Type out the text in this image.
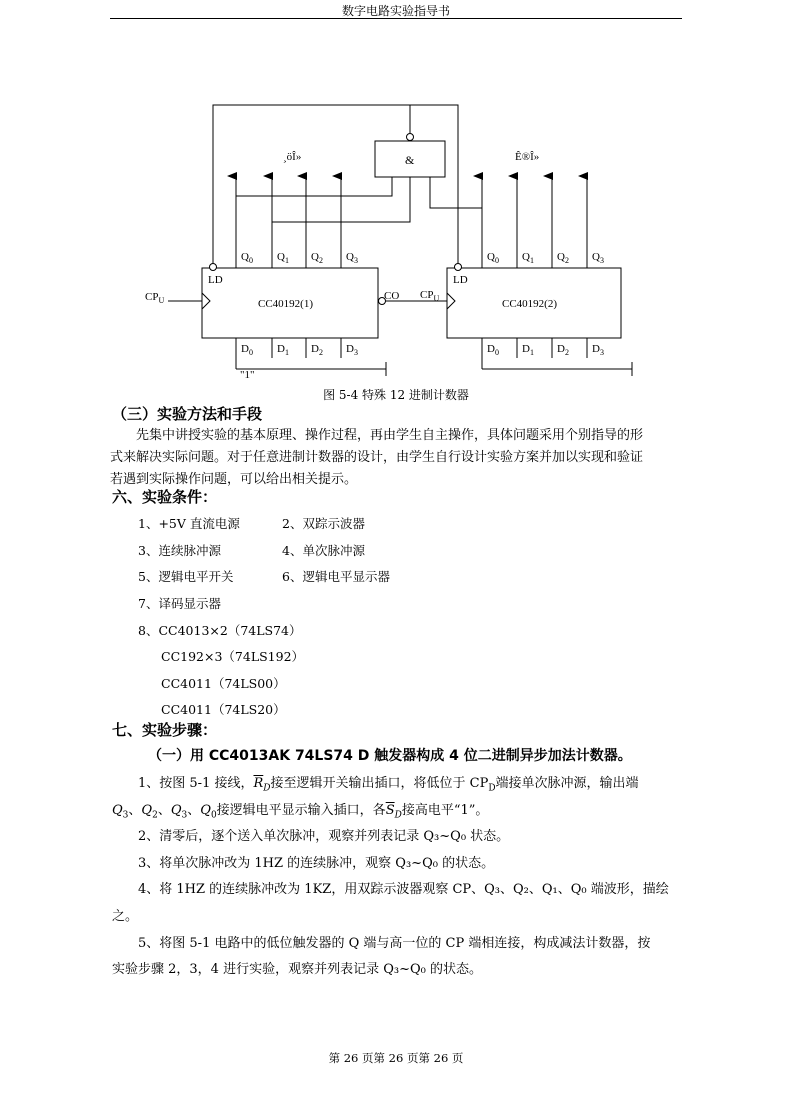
数字电路实验指导书
¸öÎ»	Ê®Î»
&
CC40192(1)	CC40192(2)
LD	LD
CO
$CP_U$	$CP_U$
$Q_0$ $Q_1$ $Q_2$ $Q_3$	$Q_0$ $Q_1$ $Q_2$ $Q_3$
$D_0$ $D_1$ $D_2$ $D_3$	$D_0$ $D_1$ $D_2$ $D_3$
"1"
图 5-4 特殊 12 进制计数器
（三）实验方法和手段
先集中讲授实验的基本原理、操作过程，再由学生自主操作，具体问题采用个别指导的形
式来解决实际问题。对于任意进制计数器的设计，由学生自行设计实验方案并加以实现和验证
若遇到实际操作问题，可以给出相关提示。
六、实验条件：
1、+5V 直流电源	2、双踪示波器
3、连续脉冲源	4、单次脉冲源
5、逻辑电平开关	6、逻辑电平显示器
7、译码显示器
8、CC4013×2（74LS74）
CC192×3（74LS192）
CC4011（74LS00）
CC4011（74LS20）
七、实验步骤：
（一）用 CC4013AK 74LS74 D 触发器构成 4 位二进制异步加法计数器。
1、按图 5-1 接线，$\overline{R}_D$接至逻辑开关输出插口，将低位于 $CP_D$端接单次脉冲源，输出端
$Q_3$、$Q_2$、$Q_3$、$Q_0$接逻辑电平显示输入插口，各$\overline{S}_D$接高电平“1”。
2、清零后，逐个送入单次脉冲，观察并列表记录 Q₃~Q₀ 状态。
3、将单次脉冲改为 1HZ 的连续脉冲，观察 Q₃~Q₀ 的状态。
4、将 1HZ 的连续脉冲改为 1KZ，用双踪示波器观察 CP、Q₃、Q₂、Q₁、Q₀ 端波形，描绘
之。
5、将图 5-1 电路中的低位触发器的 Q 端与高一位的 CP 端相连接，构成减法计数器，按
实验步骤 2，3，4 进行实验，观察并列表记录 Q₃~Q₀ 的状态。
第 26 页第 26 页第 26 页
